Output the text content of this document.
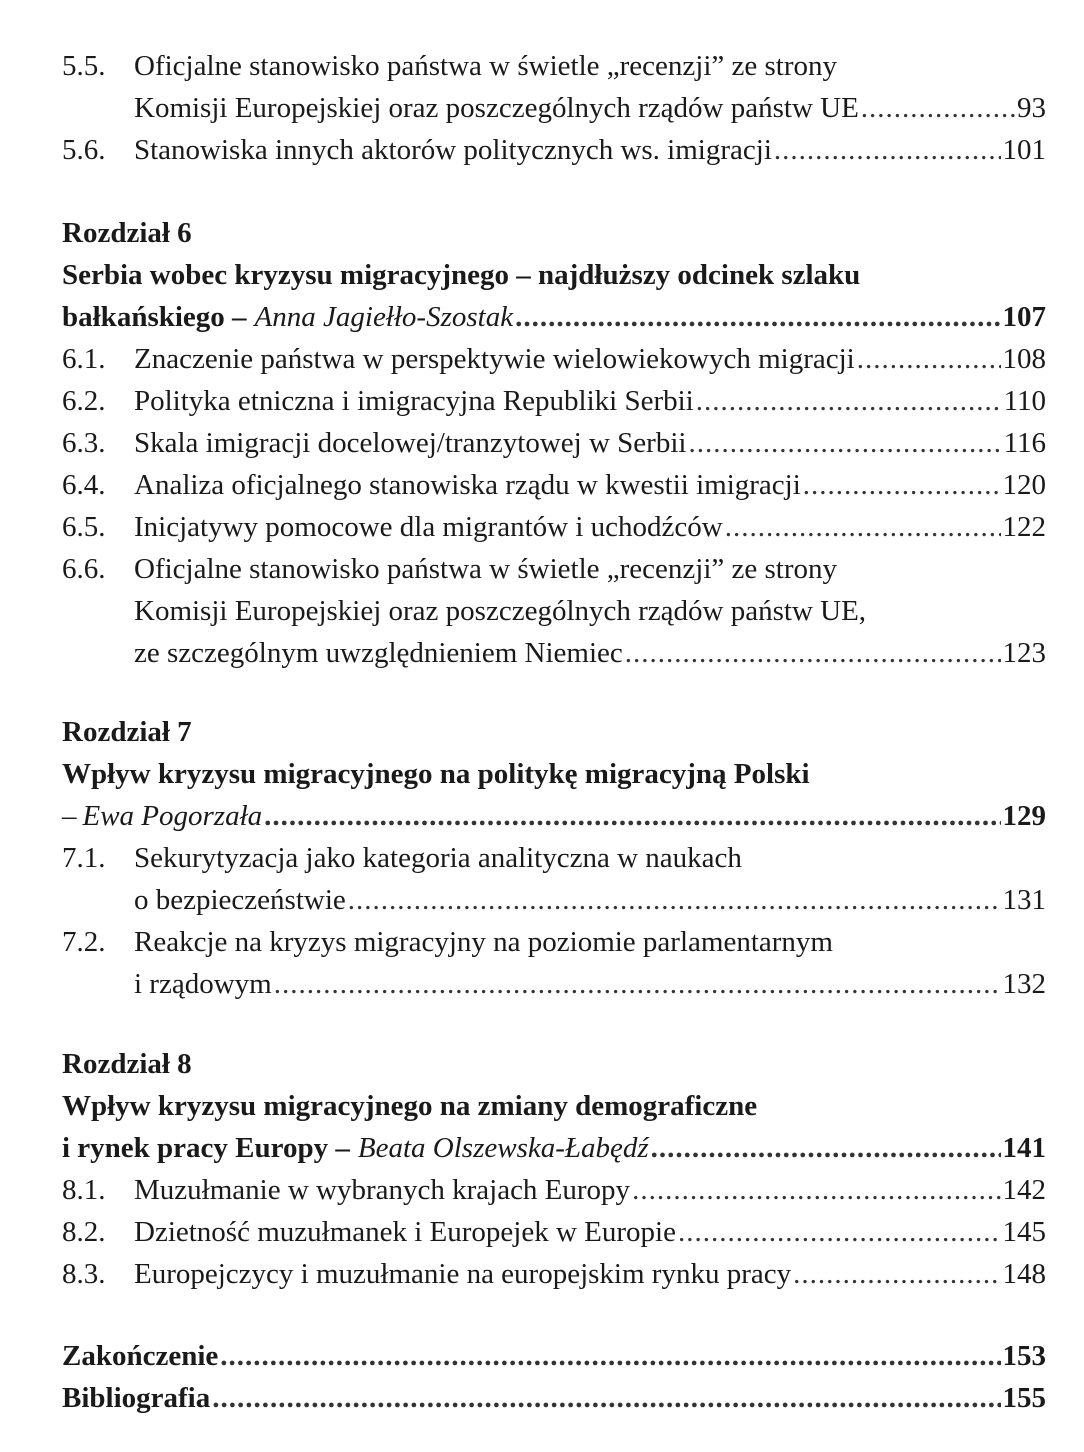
5.5. Oficjalne stanowisko państwa w świetle „recenzji” ze strony
Komisji Europejskiej oraz poszczególnych rządów państw UE .....	93
5.6. Stanowiska innych aktorów politycznych ws. imigracji .....	101
Rozdział 6
Serbia wobec kryzysu migracyjnego – najdłuższy odcinek szlaku
bałkańskiego – Anna Jagiełło-Szostak .....	107
6.1. Znaczenie państwa w perspektywie wielowiekowych migracji .....	108
6.2. Polityka etniczna i imigracyjna Republiki Serbii .....	110
6.3. Skala imigracji docelowej/tranzytowej w Serbii .....	116
6.4. Analiza oficjalnego stanowiska rządu w kwestii imigracji .....	120
6.5. Inicjatywy pomocowe dla migrantów i uchodźców .....	122
6.6. Oficjalne stanowisko państwa w świetle „recenzji” ze strony
Komisji Europejskiej oraz poszczególnych rządów państw UE,
ze szczególnym uwzględnieniem Niemiec .....	123
Rozdział 7
Wpływ kryzysu migracyjnego na politykę migracyjną Polski
– Ewa Pogorzała .....	129
7.1. Sekurytyzacja jako kategoria analityczna w naukach
o bezpieczeństwie .....	131
7.2. Reakcje na kryzys migracyjny na poziomie parlamentarnym
i rządowym .....	132
Rozdział 8
Wpływ kryzysu migracyjnego na zmiany demograficzne
i rynek pracy Europy – Beata Olszewska-Łabędź .....	141
8.1. Muzułmanie w wybranych krajach Europy .....	142
8.2. Dzietność muzułmanek i Europejek w Europie .....	145
8.3. Europejczycy i muzułmanie na europejskim rynku pracy .....	148
Zakończenie .....	153
Bibliografia .....	155
